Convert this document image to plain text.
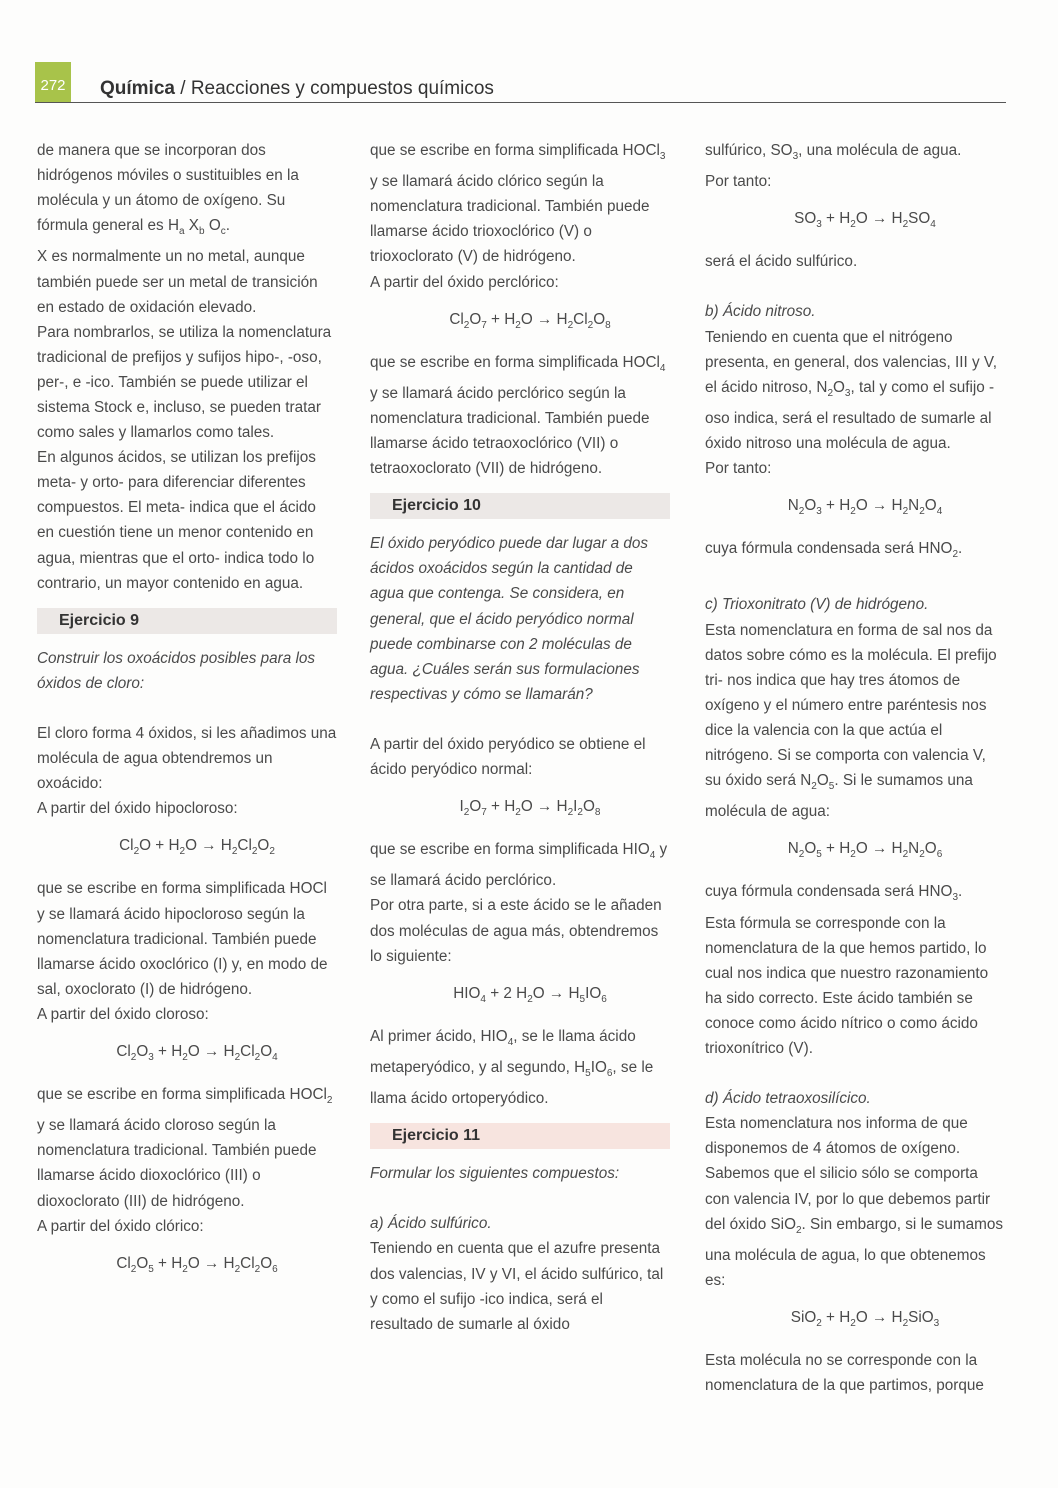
272 Química / Reacciones y compuestos químicos

de manera que se incorporan dos hidrógenos móviles o sustituibles en la molécula y un átomo de oxígeno. Su fórmula general es $H_a$ $X_b$ $O_c$.

X es normalmente un no metal, aunque también puede ser un metal de transición en estado de oxidación elevado.

Para nombrarlos, se utiliza la nomenclatura tradicional de prefijos y sufijos hipo-, -oso, per-, e -ico. También se puede utilizar el sistema Stock e, incluso, se pueden tratar como sales y llamarlos como tales.

En algunos ácidos, se utilizan los prefijos meta- y orto- para diferenciar diferentes compuestos. El meta- indica que el ácido en cuestión tiene un menor contenido en agua, mientras que el orto- indica todo lo contrario, un mayor contenido en agua.

Ejercicio 9

Construir los oxoácidos posibles para los óxidos de cloro:

El cloro forma 4 óxidos, si les añadimos una molécula de agua obtendremos un oxoácido:

A partir del óxido hipocloroso:

$Cl_2O + H_2O \to H_2Cl_2O_2$

que se escribe en forma simplificada HOCl y se llamará ácido hipocloroso según la nomenclatura tradicional. También puede llamarse ácido oxoclórico (I) y, en modo de sal, oxoclorato (I) de hidrógeno.

A partir del óxido cloroso:

$Cl_2O_3 + H_2O \to H_2Cl_2O_4$

que se escribe en forma simplificada HOCl$_2$ y se llamará ácido cloroso según la nomenclatura tradicional. También puede llamarse ácido dioxoclórico (III) o dioxoclorato (III) de hidrógeno.

A partir del óxido clórico:

$Cl_2O_5 + H_2O \to H_2Cl_2O_6$

que se escribe en forma simplificada HOCl$_3$ y se llamará ácido clórico según la nomenclatura tradicional. También puede llamarse ácido trioxoclórico (V) o trioxoclorato (V) de hidrógeno.

A partir del óxido perclórico:

$Cl_2O_7 + H_2O \to H_2Cl_2O_8$

que se escribe en forma simplificada HOCl$_4$ y se llamará ácido perclórico según la nomenclatura tradicional. También puede llamarse ácido tetraoxoclórico (VII) o tetraoxoclorato (VII) de hidrógeno.

Ejercicio 10

El óxido peryódico puede dar lugar a dos ácidos oxoácidos según la cantidad de agua que contenga. Se considera, en general, que el ácido peryódico normal puede combinarse con 2 moléculas de agua. ¿Cuáles serán sus formulaciones respectivas y cómo se llamarán?

A partir del óxido peryódico se obtiene el ácido peryódico normal:

$I_2O_7 + H_2O \to H_2I_2O_8$

que se escribe en forma simplificada $HIO_4$ y se llamará ácido perclórico.

Por otra parte, si a este ácido se le añaden dos moléculas de agua más, obtendremos lo siguiente:

$HIO_4 + 2$ $H_2O \to H_5IO_6$

Al primer ácido, $HIO_4$, se le llama ácido metaperyódico, y al segundo, $H_5IO_6$, se le llama ácido ortoperyódico.

Ejercicio 11

Formular los siguientes compuestos:

a) Ácido sulfúrico.

Teniendo en cuenta que el azufre presenta dos valencias, IV y VI, el ácido sulfúrico, tal y como el sufijo -ico indica, será el resultado de sumarle al óxido

sulfúrico, $SO_3$, una molécula de agua.

Por tanto:

$SO_3 + H_2O \to H_2SO_4$

será el ácido sulfúrico.

b) Ácido nitroso.

Teniendo en cuenta que el nitrógeno presenta, en general, dos valencias, III y V, el ácido nitroso, $N_2O_3$, tal y como el sufijo -oso indica, será el resultado de sumarle al óxido nitroso una molécula de agua.

Por tanto:

$N_2O_3 + H_2O \to H_2N_2O_4$

cuya fórmula condensada será $HNO_2$.

c) Trioxonitrato (V) de hidrógeno.

Esta nomenclatura en forma de sal nos da datos sobre cómo es la molécula. El prefijo tri- nos indica que hay tres átomos de oxígeno y el número entre paréntesis nos dice la valencia con la que actúa el nitrógeno. Si se comporta con valencia V, su óxido será $N_2O_5$. Si le sumamos una molécula de agua:

$N_2O_5 + H_2O \to H_2N_2O_6$

cuya fórmula condensada será $HNO_3$.

Esta fórmula se corresponde con la nomenclatura de la que hemos partido, lo cual nos indica que nuestro razonamiento ha sido correcto. Este ácido también se conoce como ácido nítrico o como ácido trioxonítrico (V).

d) Ácido tetraoxosilícico.

Esta nomenclatura nos informa de que disponemos de 4 átomos de oxígeno. Sabemos que el silicio sólo se comporta con valencia IV, por lo que debemos partir del óxido SiO$_2$. Sin embargo, si le sumamos una molécula de agua, lo que obtenemos es:

$SiO_2 + H_2O \to H_2SiO_3$

Esta molécula no se corresponde con la nomenclatura de la que partimos, porque
